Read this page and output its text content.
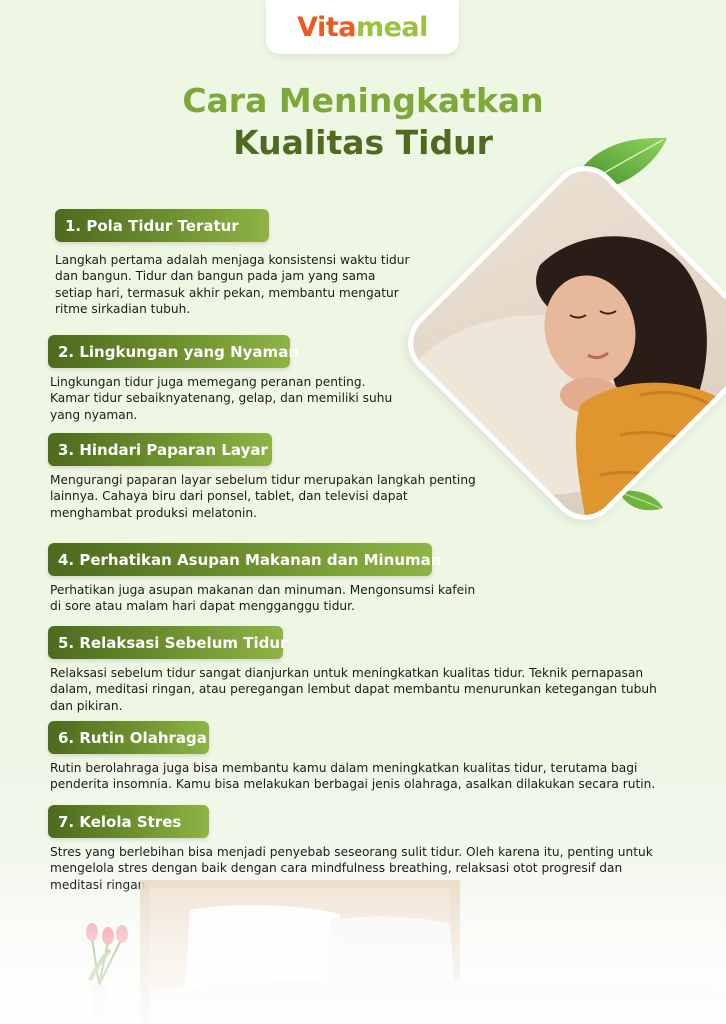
Vitameal
Cara Meningkatkan
Kualitas Tidur
1. Pola Tidur Teratur
Langkah pertama adalah menjaga konsistensi waktu tidur
dan bangun. Tidur dan bangun pada jam yang sama
setiap hari, termasuk akhir pekan, membantu mengatur
ritme sirkadian tubuh.
2. Lingkungan yang Nyaman
Lingkungan tidur juga memegang peranan penting.
Kamar tidur sebaiknyatenang, gelap, dan memiliki suhu
yang nyaman.
3. Hindari Paparan Layar
Mengurangi paparan layar sebelum tidur merupakan langkah penting
lainnya. Cahaya biru dari ponsel, tablet, dan televisi dapat
menghambat produksi melatonin.
4. Perhatikan Asupan Makanan dan Minuman
Perhatikan juga asupan makanan dan minuman. Mengonsumsi kafein
di sore atau malam hari dapat mengganggu tidur.
5. Relaksasi Sebelum Tidur
Relaksasi sebelum tidur sangat dianjurkan untuk meningkatkan kualitas tidur. Teknik pernapasan
dalam, meditasi ringan, atau peregangan lembut dapat membantu menurunkan ketegangan tubuh
dan pikiran.
6. Rutin Olahraga
Rutin berolahraga juga bisa membantu kamu dalam meningkatkan kualitas tidur, terutama bagi
penderita insomnia. Kamu bisa melakukan berbagai jenis olahraga, asalkan dilakukan secara rutin.
7. Kelola Stres
Stres yang berlebihan bisa menjadi penyebab seseorang sulit tidur. Oleh karena itu, penting untuk
mengelola stres dengan baik dengan cara mindfulness breathing, relaksasi otot progresif dan
